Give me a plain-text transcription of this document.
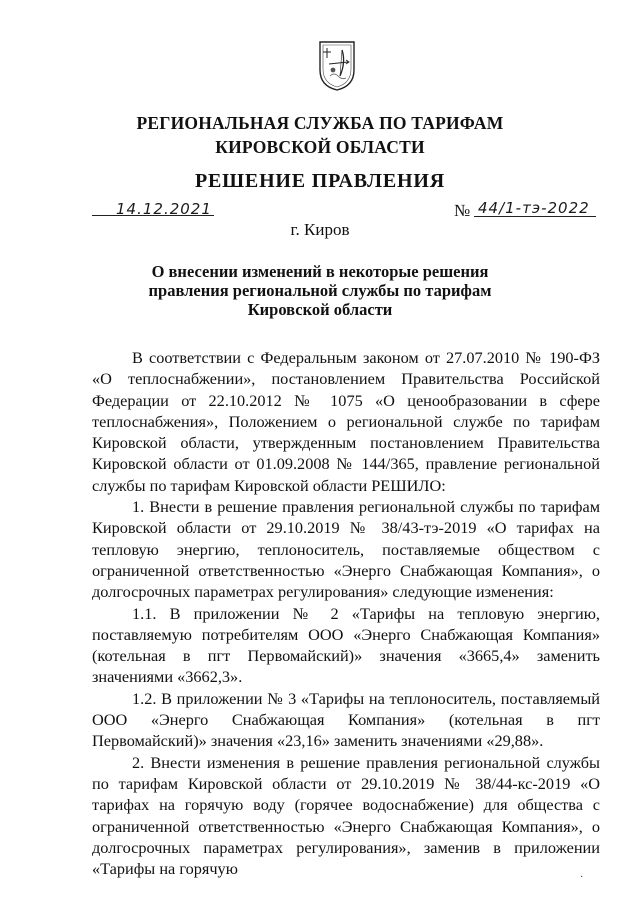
РЕГИОНАЛЬНАЯ СЛУЖБА ПО ТАРИФАМ
КИРОВСКОЙ ОБЛАСТИ
РЕШЕНИЕ ПРАВЛЕНИЯ
14.12.2021	№ 44/1-тэ-2022
г. Киров
О внесении изменений в некоторые решения
правления региональной службы по тарифам
Кировской области

В соответствии с Федеральным законом от 27.07.2010 № 190-ФЗ «О теплоснабжении», постановлением Правительства Российской Федерации от 22.10.2012 № 1075 «О ценообразовании в сфере теплоснабжения», Положением о региональной службе по тарифам Кировской области, утвержденным постановлением Правительства Кировской области от 01.09.2008 № 144/365, правление региональной службы по тарифам Кировской области РЕШИЛО:

1. Внести в решение правления региональной службы по тарифам Кировской области от 29.10.2019 № 38/43-тэ-2019 «О тарифах на тепловую энергию, теплоноситель, поставляемые обществом с ограниченной ответственностью «Энерго Снабжающая Компания», о долгосрочных параметрах регулирования» следующие изменения:

1.1. В приложении № 2 «Тарифы на тепловую энергию, поставляемую потребителям ООО «Энерго Снабжающая Компания» (котельная в пгт Первомайский)» значения «3665,4» заменить значениями «3662,3».

1.2. В приложении № 3 «Тарифы на теплоноситель, поставляемый ООО «Энерго Снабжающая Компания» (котельная в пгт Первомайский)» значения «23,16» заменить значениями «29,88».

2. Внести изменения в решение правления региональной службы по тарифам Кировской области от 29.10.2019 № 38/44-кс-2019 «О тарифах на горячую воду (горячее водоснабжение) для общества с ограниченной ответственностью «Энерго Снабжающая Компания», о долгосрочных параметрах регулирования», заменив в приложении «Тарифы на горячую	·
